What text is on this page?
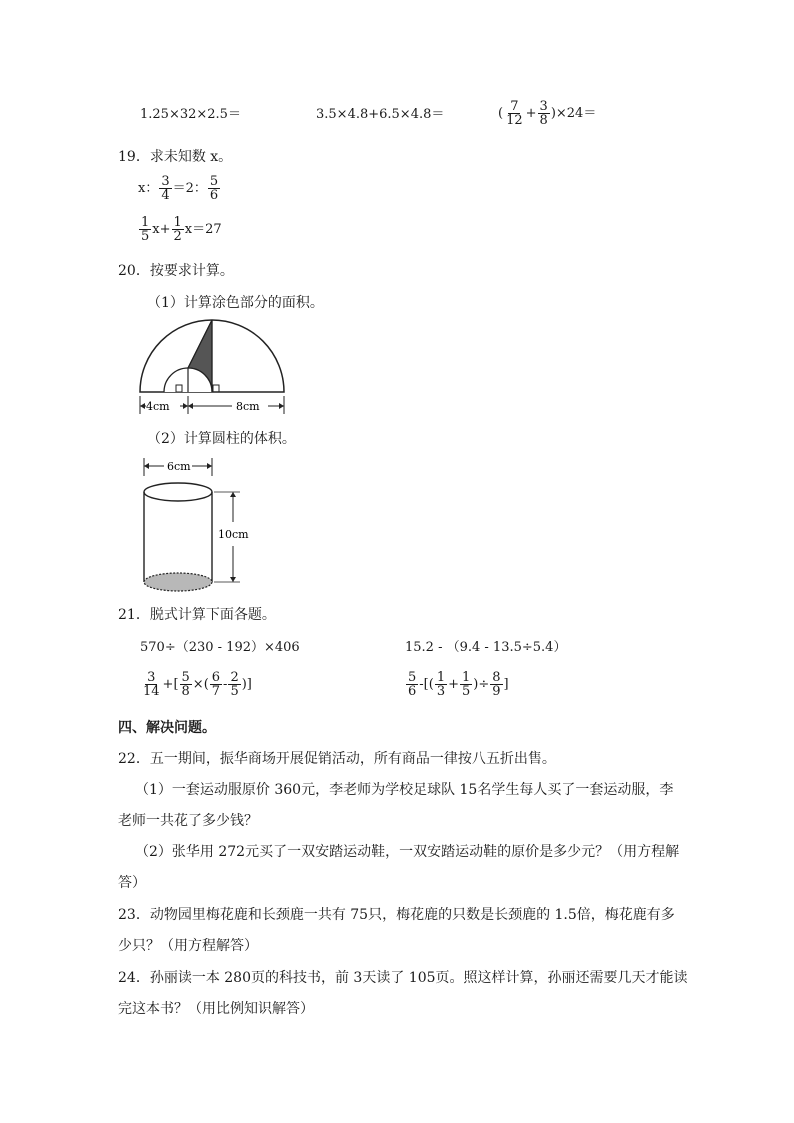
1.25×32×2.5＝	3.5×4.8+6.5×4.8＝	( $\frac{7}{12} + \frac{3}{8} )\times 24=$
19．求未知数 x。
x： $\frac{3}{4} =2$： $\frac{5}{6}$
$\frac{1}{5} x+ \frac{1}{2} x=27$
20．按要求计算。
（1）计算涂色部分的面积。
4cm	8cm
（2）计算圆柱的体积。
6cm
10cm
21．脱式计算下面各题。
570÷（230 - 192）×406	15.2 - （9.4 - 13.5÷5.4）
$\frac{3}{14}$ +[ $\frac{5}{8}$ ×( $\frac{6}{7} - \frac{2}{5}$ )]	$\frac{5}{6}$ -[( $\frac{1}{3} + \frac{1}{5}$ )÷ $\frac{8}{9}$ ]
四、解决问题。
22．五一期间，振华商场开展促销活动，所有商品一律按八五折出售。
（1）一套运动服原价 360元，李老师为学校足球队 15名学生每人买了一套运动服，李
老师一共花了多少钱？
（2）张华用 272元买了一双安踏运动鞋，一双安踏运动鞋的原价是多少元？（用方程解
答）
23．动物园里梅花鹿和长颈鹿一共有 75只，梅花鹿的只数是长颈鹿的 1.5倍，梅花鹿有多
少只？（用方程解答）
24．孙丽读一本 280页的科技书，前 3天读了 105页。照这样计算，孙丽还需要几天才能读
完这本书？（用比例知识解答）
